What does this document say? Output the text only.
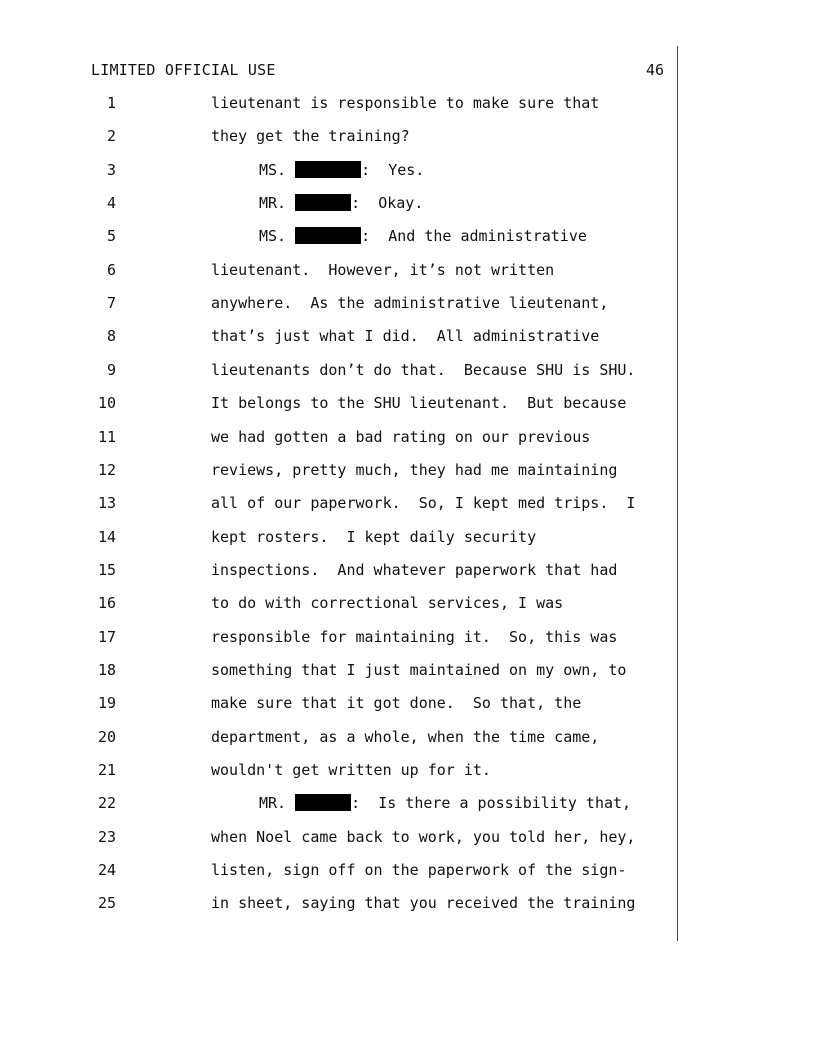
LIMITED OFFICIAL USE	46
1	lieutenant is responsible to make sure that
2	they get the training?
3	MS.	:  Yes.
4	MR.	:  Okay.
5	MS.	:  And the administrative
6	lieutenant.  However, it’s not written
7	anywhere.  As the administrative lieutenant,
8	that’s just what I did.  All administrative
9	lieutenants don’t do that.  Because SHU is SHU.
10	It belongs to the SHU lieutenant.  But because
11	we had gotten a bad rating on our previous
12	reviews, pretty much, they had me maintaining
13	all of our paperwork.  So, I kept med trips.  I
14	kept rosters.  I kept daily security
15	inspections.  And whatever paperwork that had
16	to do with correctional services, I was
17	responsible for maintaining it.  So, this was
18	something that I just maintained on my own, to
19	make sure that it got done.  So that, the
20	department, as a whole, when the time came,
21	wouldn't get written up for it.
22	MR.	:  Is there a possibility that,
23	when Noel came back to work, you told her, hey,
24	listen, sign off on the paperwork of the sign-
25	in sheet, saying that you received the training
